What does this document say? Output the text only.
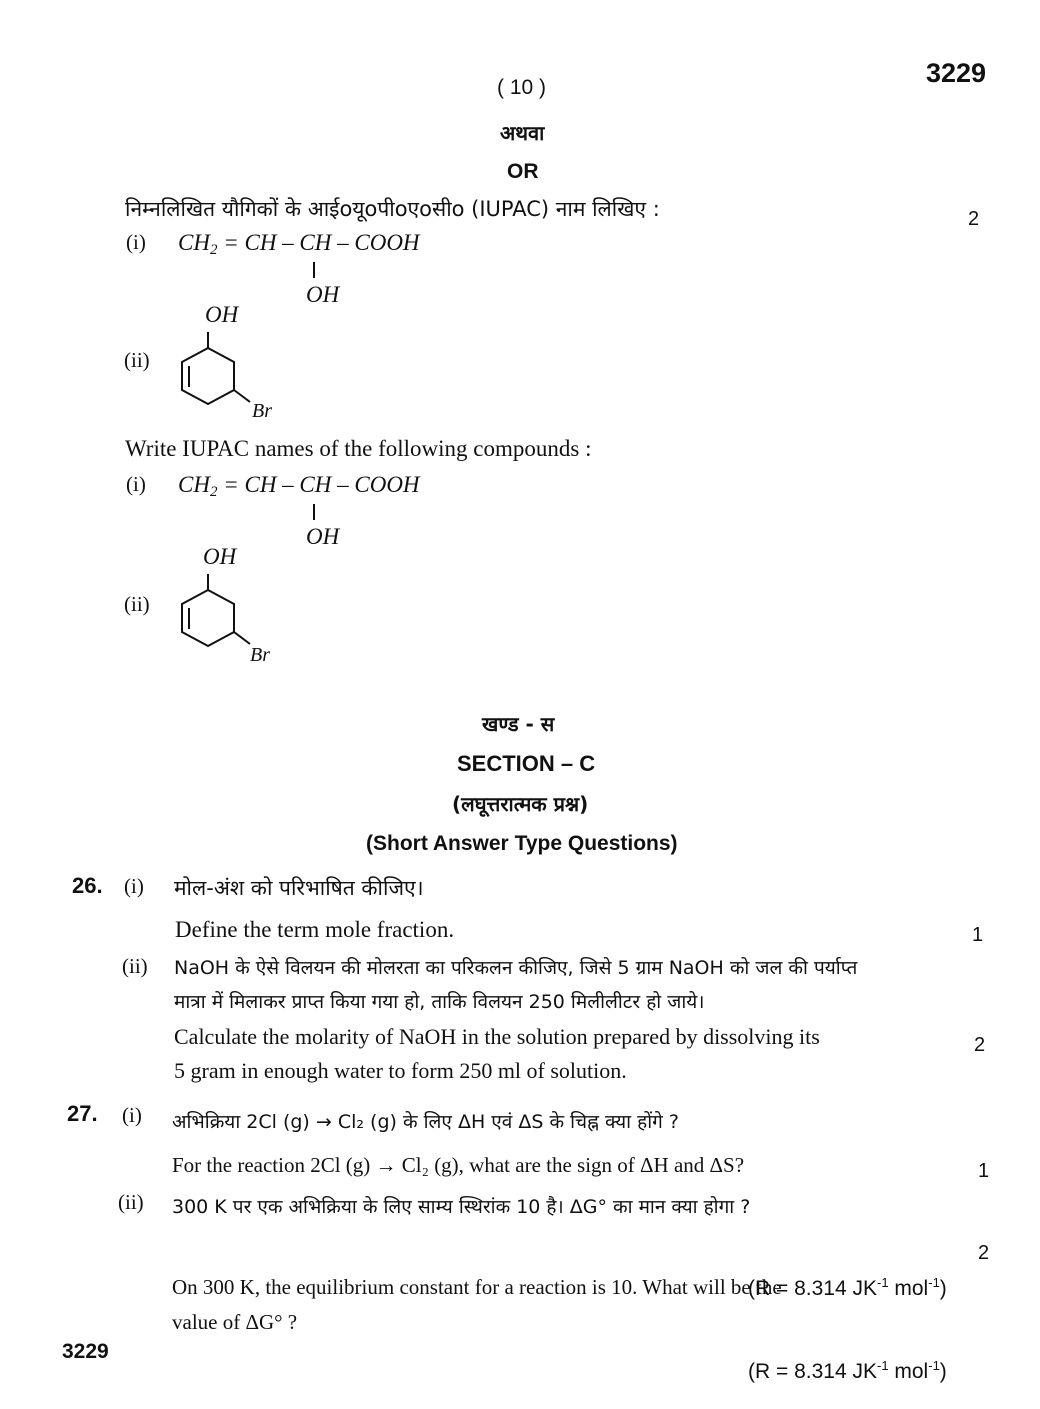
( 10 )	3229
अथवा
OR
निम्नलिखित यौगिकों के आईoयूoपीoएoसीo (IUPAC) नाम लिखिए :	2
(i) $CH_2$ = CH – CH – COOH
OH
OH
(ii)
Br
Write IUPAC names of the following compounds :
(i) $CH_2$ = CH – CH – COOH
OH
OH
(ii)
Br
खण्ड - स
SECTION – C
(लघूत्तरात्मक प्रश्न)
(Short Answer Type Questions)
26. (i) मोल-अंश को परिभाषित कीजिए।
Define the term mole fraction.	1
(ii) NaOH के ऐसे विलयन की मोलरता का परिकलन कीजिए, जिसे 5 ग्राम NaOH को जल की पर्याप्त
मात्रा में मिलाकर प्राप्त किया गया हो, ताकि विलयन 250 मिलीलीटर हो जाये।
Calculate the molarity of NaOH in the solution prepared by dissolving its	2
5 gram in enough water to form 250 ml of solution.
27. (i) अभिक्रिया 2Cl (g) → Cl₂ (g) के लिए ΔH एवं ΔS के चिह्न क्या होंगे ?
For the reaction 2Cl (g) → Cl₂ (g), what are the sign of ΔH and ΔS?	1
(ii) 300 K पर एक अभिक्रिया के लिए साम्य स्थिरांक 10 है। ΔG° का मान क्या होगा ?
2
(R = 8.314 $JK^{-1}$ mol$^{-1}$)
On 300 K, the equilibrium constant for a reaction is 10. What will be the
value of ΔG° ?
(R = 8.314 $JK^{-1}$ mol$^{-1}$)
3229
